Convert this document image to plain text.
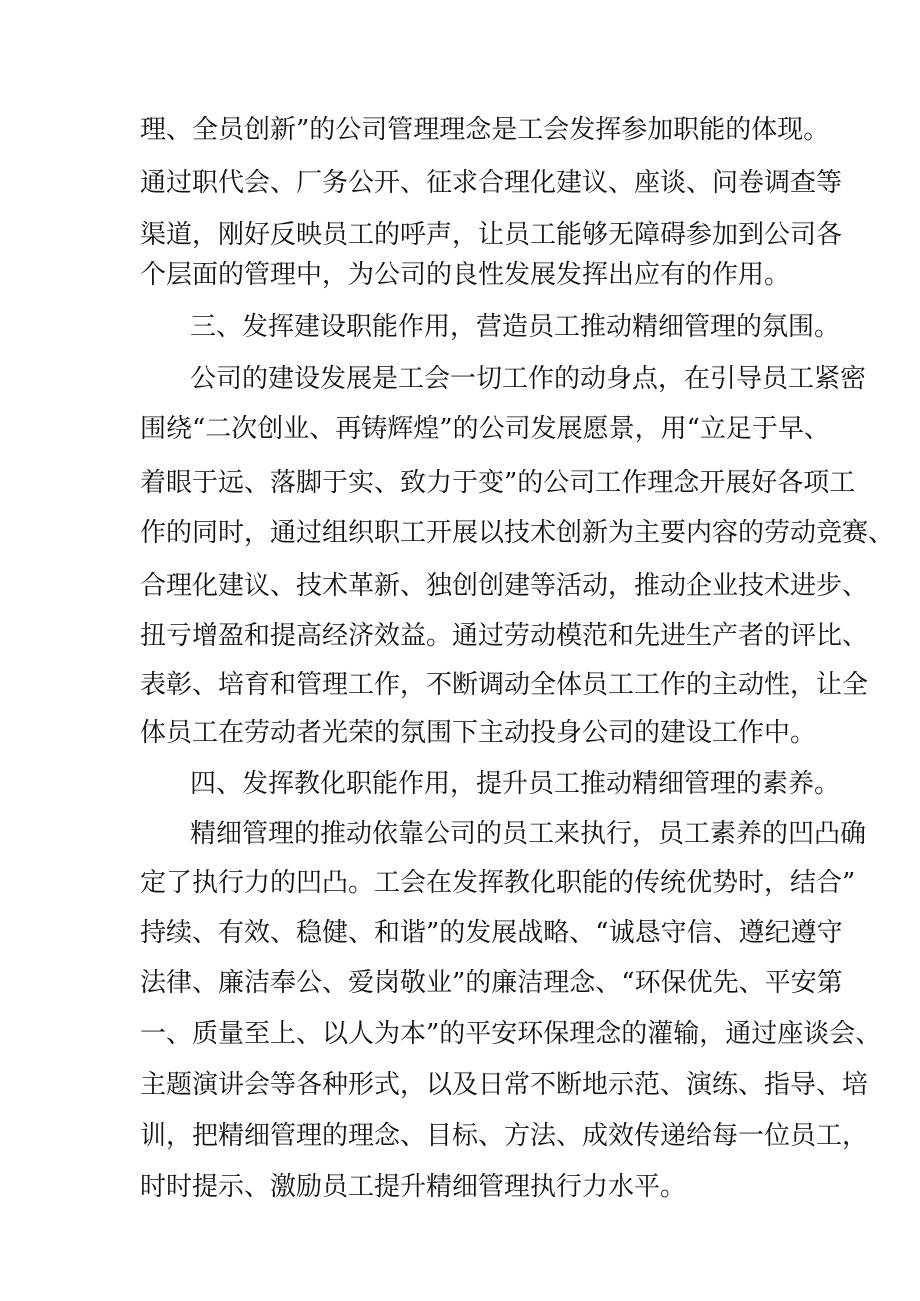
理、全员创新”的公司管理理念是工会发挥参加职能的体现。
通过职代会、厂务公开、征求合理化建议、座谈、问卷调查等
渠道，刚好反映员工的呼声，让员工能够无障碍参加到公司各
个层面的管理中，为公司的良性发展发挥出应有的作用。
三、发挥建设职能作用，营造员工推动精细管理的氛围。
公司的建设发展是工会一切工作的动身点，在引导员工紧密
围绕“二次创业、再铸辉煌”的公司发展愿景，用“立足于早、
着眼于远、落脚于实、致力于变”的公司工作理念开展好各项工
作的同时，通过组织职工开展以技术创新为主要内容的劳动竞赛、
合理化建议、技术革新、独创创建等活动，推动企业技术进步、
扭亏增盈和提高经济效益。通过劳动模范和先进生产者的评比、
表彰、培育和管理工作，不断调动全体员工工作的主动性，让全
体员工在劳动者光荣的氛围下主动投身公司的建设工作中。
四、发挥教化职能作用，提升员工推动精细管理的素养。
精细管理的推动依靠公司的员工来执行，员工素养的凹凸确
定了执行力的凹凸。工会在发挥教化职能的传统优势时，结合”
持续、有效、稳健、和谐”的发展战略、“诚恳守信、遵纪遵守
法律、廉洁奉公、爱岗敬业”的廉洁理念、“环保优先、平安第
一、质量至上、以人为本”的平安环保理念的灌输，通过座谈会、
主题演讲会等各种形式，以及日常不断地示范、演练、指导、培
训，把精细管理的理念、目标、方法、成效传递给每一位员工，
时时提示、激励员工提升精细管理执行力水平。
